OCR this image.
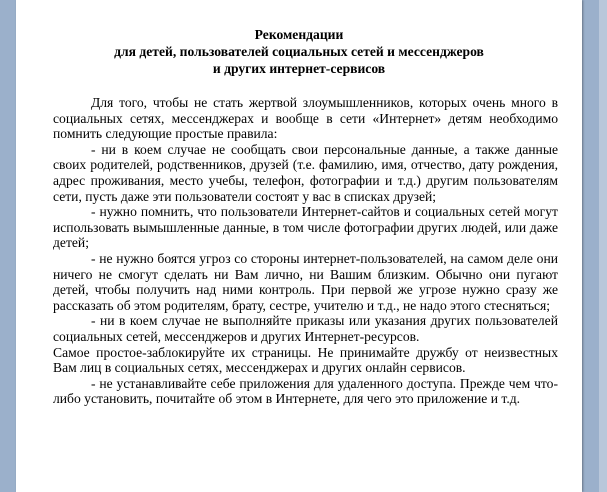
Рекомендации
для детей, пользователей социальных сетей и мессенджеров
и других интернет-сервисов

Для того, чтобы не стать жертвой злоумышленников, которых очень много в социальных сетях, мессенджерах и вообще в сети «Интернет» детям необходимо помнить следующие простые правила:

- ни в коем случае не сообщать свои персональные данные, а также данные своих родителей, родственников, друзей (т.е. фамилию, имя, отчество, дату рождения, адрес проживания, место учебы, телефон, фотографии и т.д.) другим пользователям сети, пусть даже эти пользователи состоят у вас в списках друзей;

- нужно помнить, что пользователи Интернет-сайтов и социальных сетей могут использовать вымышленные данные, в том числе фотографии других людей, или даже детей;

- не нужно боятся угроз со стороны интернет-пользователей, на самом деле они ничего не смогут сделать ни Вам лично, ни Вашим близким. Обычно они пугают детей, чтобы получить над ними контроль. При первой же угрозе нужно сразу же рассказать об этом родителям, брату, сестре, учителю и т.д., не надо этого стесняться;

- ни в коем случае не выполняйте приказы или указания других пользователей социальных сетей, мессенджеров и других Интернет-ресурсов.

Самое простое-заблокируйте их страницы. Не принимайте дружбу от неизвестных Вам лиц в социальных сетях, мессенджерах и других онлайн сервисов.

- не устанавливайте себе приложения для удаленного доступа. Прежде чем что-либо установить, почитайте об этом в Интернете, для чего это приложение и т.д.
